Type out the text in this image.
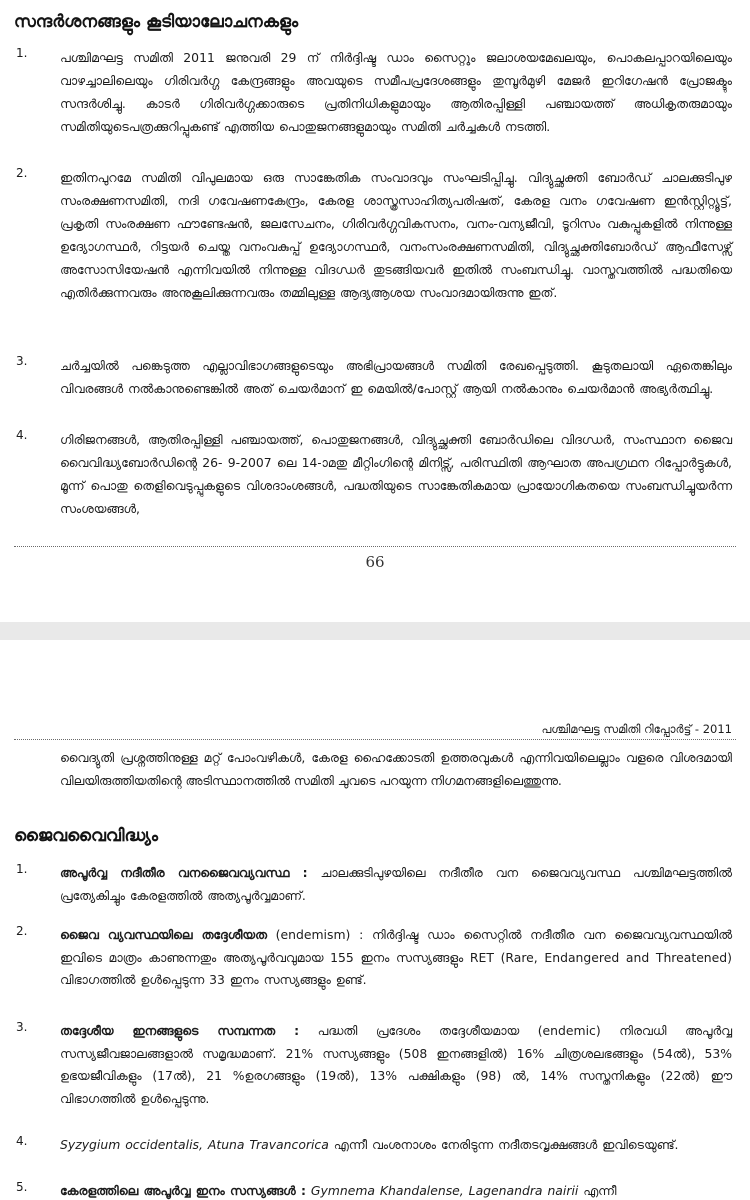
സന്ദർശനങ്ങളും കൂടിയാലോചനകളും
1.	പശ്ചിമഘട്ട സമിതി 2011 ജനുവരി 29 ന് നിർദ്ദിഷ്ട ഡാം സൈറ്റും ജലാശയമേഖലയും, പൊകലപ്പാറയിലെയും വാഴച്ചാലിലെയും ഗിരിവർഗ്ഗ കേന്ദ്രങ്ങളും അവയുടെ സമീപപ്രദേശങ്ങളും തുമ്പൂർമുഴി മേജർ ഇറിഗേഷൻ പ്രോജക്ടും സന്ദർശിച്ചു. കാടർ ഗിരിവർഗ്ഗക്കാരുടെ പ്രതിനിധികളുമായും ആതിരപ്പിള്ളി പഞ്ചായത്ത് അധികൃതരുമായും സമിതിയുടെപത്രക്കുറിപ്പുകണ്ട് എത്തിയ പൊതുജനങ്ങളുമായും സമിതി ചർച്ചകൾ നടത്തി.
2.	ഇതിനപുറമേ സമിതി വിപുലമായ ഒരു സാങ്കേതിക സംവാദവും സംഘടിപ്പിച്ചു. വിദ്യുച്ഛക്തി ബോർഡ് ചാലക്കുടിപുഴ സംരക്ഷണസമിതി, നദി ഗവേഷണകേന്ദ്രം, കേരള ശാസ്ത്രസാഹിത്യപരിഷത്, കേരള വനം ഗവേഷണ ഇൻസ്റ്റിറ്റ്യൂട്ട്, പ്രകൃതി സംരക്ഷണ ഫൗണ്ടേഷൻ, ജലസേചനം, ഗിരിവർഗ്ഗവികസനം, വനം-വന്യജീവി, ടൂറിസം വകുപ്പുകളിൽ നിന്നുള്ള ഉദ്യോഗസ്ഥർ, റിട്ടയർ ചെയ്ത വനംവകുപ്പ് ഉദ്യോഗസ്ഥർ, വനംസംരക്ഷണസമിതി, വിദ്യുച്ഛക്തിബോർഡ് ആഫീസേഴ്സ് അസോസിയേഷൻ എന്നിവയിൽ നിന്നുള്ള വിദഗ്ധർ തുടങ്ങിയവർ ഇതിൽ സംബന്ധിച്ചു. വാസ്തവത്തിൽ പദ്ധതിയെ എതിർക്കുന്നവരും അനുകൂലിക്കുന്നവരും തമ്മിലുള്ള ആദ്യആശയ സംവാദമായിരുന്നു ഇത്.
3.	ചർച്ചയിൽ പങ്കെടുത്ത എല്ലാവിഭാഗങ്ങളുടെയും അഭിപ്രായങ്ങൾ സമിതി രേഖപ്പെടുത്തി. കൂടുതലായി ഏതെങ്കിലും വിവരങ്ങൾ നൽകാനുണ്ടെങ്കിൽ അത് ചെയർമാന് ഇ മെയിൽ/പോസ്റ്റ് ആയി നൽകാനും ചെയർമാൻ അഭ്യർത്ഥിച്ചു.
4.	ഗിരിജനങ്ങൾ, ആതിരപ്പിള്ളി പഞ്ചായത്ത്, പൊതുജനങ്ങൾ, വിദ്യുച്ഛക്തി ബോർഡിലെ വിദഗ്ധർ, സംസ്ഥാന ജൈവ വൈവിദ്ധ്യബോർഡിന്റെ 26- 9-2007 ലെ 14-ാമതു മീറ്റിംഗിന്റെ മിനിട്സ്, പരിസ്ഥിതി ആഘാത അപഗ്രഥന റിപ്പോർട്ടുകൾ, മൂന്ന് പൊതു തെളിവെടുപ്പുകളുടെ വിശദാംശങ്ങൾ, പദ്ധതിയുടെ സാങ്കേതികമായ പ്രായോഗികതയെ സംബന്ധിച്ചുയർന്ന സംശയങ്ങൾ,
66
പശ്ചിമഘട്ട സമിതി റിപ്പോർട്ട് - 2011
വൈദ്യുതി പ്രശ്നത്തിനുള്ള മറ്റ് പോംവഴികൾ, കേരള ഹൈക്കോടതി ഉത്തരവുകൾ എന്നിവയിലെല്ലാം വളരെ വിശദമായി വിലയിരുത്തിയതിന്റെ അടിസ്ഥാനത്തിൽ സമിതി ചുവടെ പറയുന്ന നിഗമനങ്ങളിലെത്തുന്നു.
ജൈവവൈവിദ്ധ്യം
1.	അപൂർവ്വ നദീതീര വനജൈവവ്യവസ്ഥ : ചാലക്കുടിപുഴയിലെ നദീതീര വന ജൈവവ്യവസ്ഥ പശ്ചിമഘട്ടത്തിൽ പ്രത്യേകിച്ചും കേരളത്തിൽ അത്യപൂർവ്വമാണ്.
2.	ജൈവ വ്യവസ്ഥയിലെ തദ്ദേശീയത (endemism) : നിർദ്ദിഷ്ട ഡാം സൈറ്റിൽ നദീതീര വന ജൈവവ്യവസ്ഥയിൽ ഇവിടെ മാത്രം കാണുന്നതും അത്യപൂർവവുമായ 155 ഇനം സസ്യങ്ങളും RET (Rare, Endangered and Threatened) വിഭാഗത്തിൽ ഉൾപ്പെടുന്ന 33 ഇനം സസ്യങ്ങളും ഉണ്ട്.
3.	തദ്ദേശീയ ഇനങ്ങളുടെ സമ്പന്നത : പദ്ധതി പ്രദേശം തദ്ദേശീയമായ (endemic) നിരവധി അപൂർവ്വ സസ്യജീവജാലങ്ങളാൽ സമൃദ്ധമാണ്. 21% സസ്യങ്ങളും (508 ഇനങ്ങളിൽ) 16% ചിത്രശലഭങ്ങളും (54ൽ), 53% ഉഭയജീവികളും (17ൽ), 21 %ഉരഗങ്ങളും (19ൽ), 13% പക്ഷികളും (98) ൽ, 14% സസ്തനികളും (22ൽ) ഈ വിഭാഗത്തിൽ ഉൾപ്പെടുന്നു.
4.	Syzygium occidentalis, Atuna Travancorica എന്നീ വംശനാശം നേരിടുന്ന നദീതടവൃക്ഷങ്ങൾ ഇവിടെയുണ്ട്.
5.	കേരളത്തിലെ അപൂർവ്വ ഇനം സസ്യങ്ങൾ : Gymnema Khandalense, Lagenandra nairii എന്നീ
